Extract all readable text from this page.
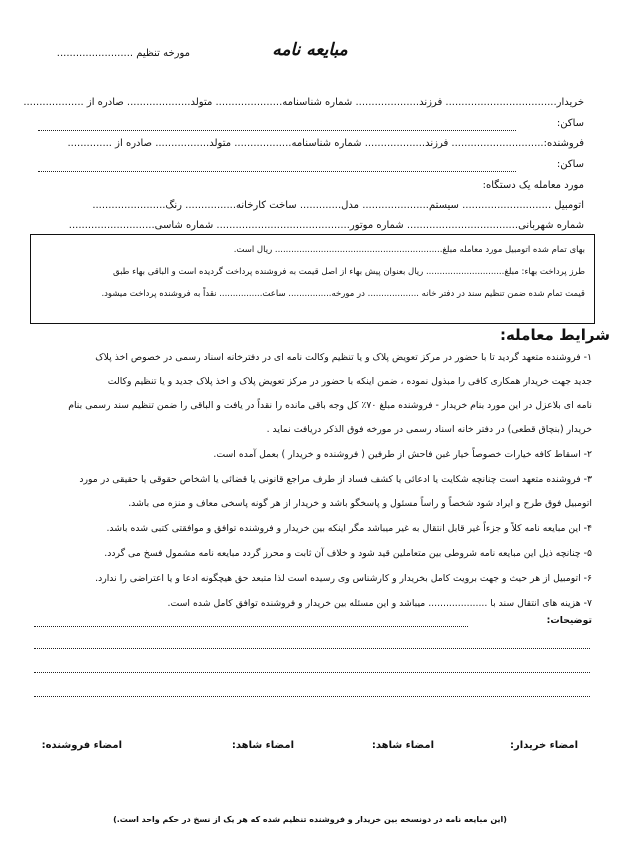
مبایعه نامه
مورخه تنظیم ........................
خریدار................................... فرزند.................... شماره شناسنامه..................... متولد.................... صادره از ...................
ساکن:
فروشنده:............................. فرزند................... شماره شناسنامه.................. متولد................. صادره از ..............
ساکن:
مورد معامله یک دستگاه:
اتومبیل ............................ سیستم..................... مدل............. ساخت کارخانه................ رنگ.......................
شماره شهربانی................................... شماره موتور.......................................... شماره شاسی...........................
بهای تمام شده اتومبیل مورد معامله مبلغ.............................................................. ریال است.
طرز پرداخت بهاء: مبلغ............................. ریال بعنوان پیش بهاء از اصل قیمت به فروشنده پرداخت گردیده است و الباقی بهاء طبق
قیمت تمام شده ضمن تنظیم سند در دفتر خانه ................... در مورخه................ ساعت................ نقداً به فروشنده پرداخت میشود.
شرایط معامله:
۱- فروشنده متعهد گردید تا با حضور در مرکز تعویض پلاک و یا تنظیم وکالت نامه ای در دفترخانه اسناد رسمی در خصوص اخذ پلاک
جدید جهت خریدار همکاری کافی را مبذول نموده ، ضمن اینکه با حضور در مرکز تعویض پلاک و اخذ پلاک جدید و یا تنظیم وکالت
نامه ای بلاعزل در این مورد بنام خریدار - فروشنده مبلغ ۷۰٪ کل وجه باقی مانده را نقداً در یافت و الباقی را ضمن تنظیم سند رسمی بنام
خریدار (بنچاق قطعی) در دفتر خانه اسناد رسمی در مورخه فوق الذکر دریافت نماید .
۲- اسقاط کافه خیارات خصوصاً خیار غبن فاحش از طرفین ( فروشنده و خریدار ) بعمل آمده است.
۳- فروشنده متعهد است چنانچه شکایت یا ادعائی یا کشف فساد از طرف مراجع قانونی یا قضائی یا اشخاص حقوقی یا حقیقی در مورد
اتومبیل فوق طرح و ایراد شود شخصاً و راساً مسئول و پاسخگو باشد و خریدار از هر گونه پاسخی معاف و منزه می باشد.
۴- این مبایعه نامه کلاً و جزءاً غیر قابل انتقال به غیر میباشد مگر اینکه بین خریدار و فروشنده توافق و موافقتی کتبی شده باشد.
۵- چنانچه ذیل این مبایعه نامه شروطی بین متعاملین قید شود و خلاف آن ثابت و محرز گردد مبایعه نامه مشمول فسخ می گردد.
۶- اتومبیل از هر حیث و جهت برویت کامل بخریدار و کارشناس وی رسیده است لذا متبعد حق هیچگونه ادعا و یا اعتراضی را ندارد.
۷- هزینه های انتقال سند با .................... میباشد و این مسئله بین خریدار و فروشنده توافق کامل شده است.
توضیحات:
امضاء خریدار:
امضاء شاهد:
امضاء شاهد:
امضاء فروشنده:
(این مبایعه نامه در دونسخه بین خریدار و فروشنده تنظیم شده که هر یک از نسخ در حکم واحد است.)
